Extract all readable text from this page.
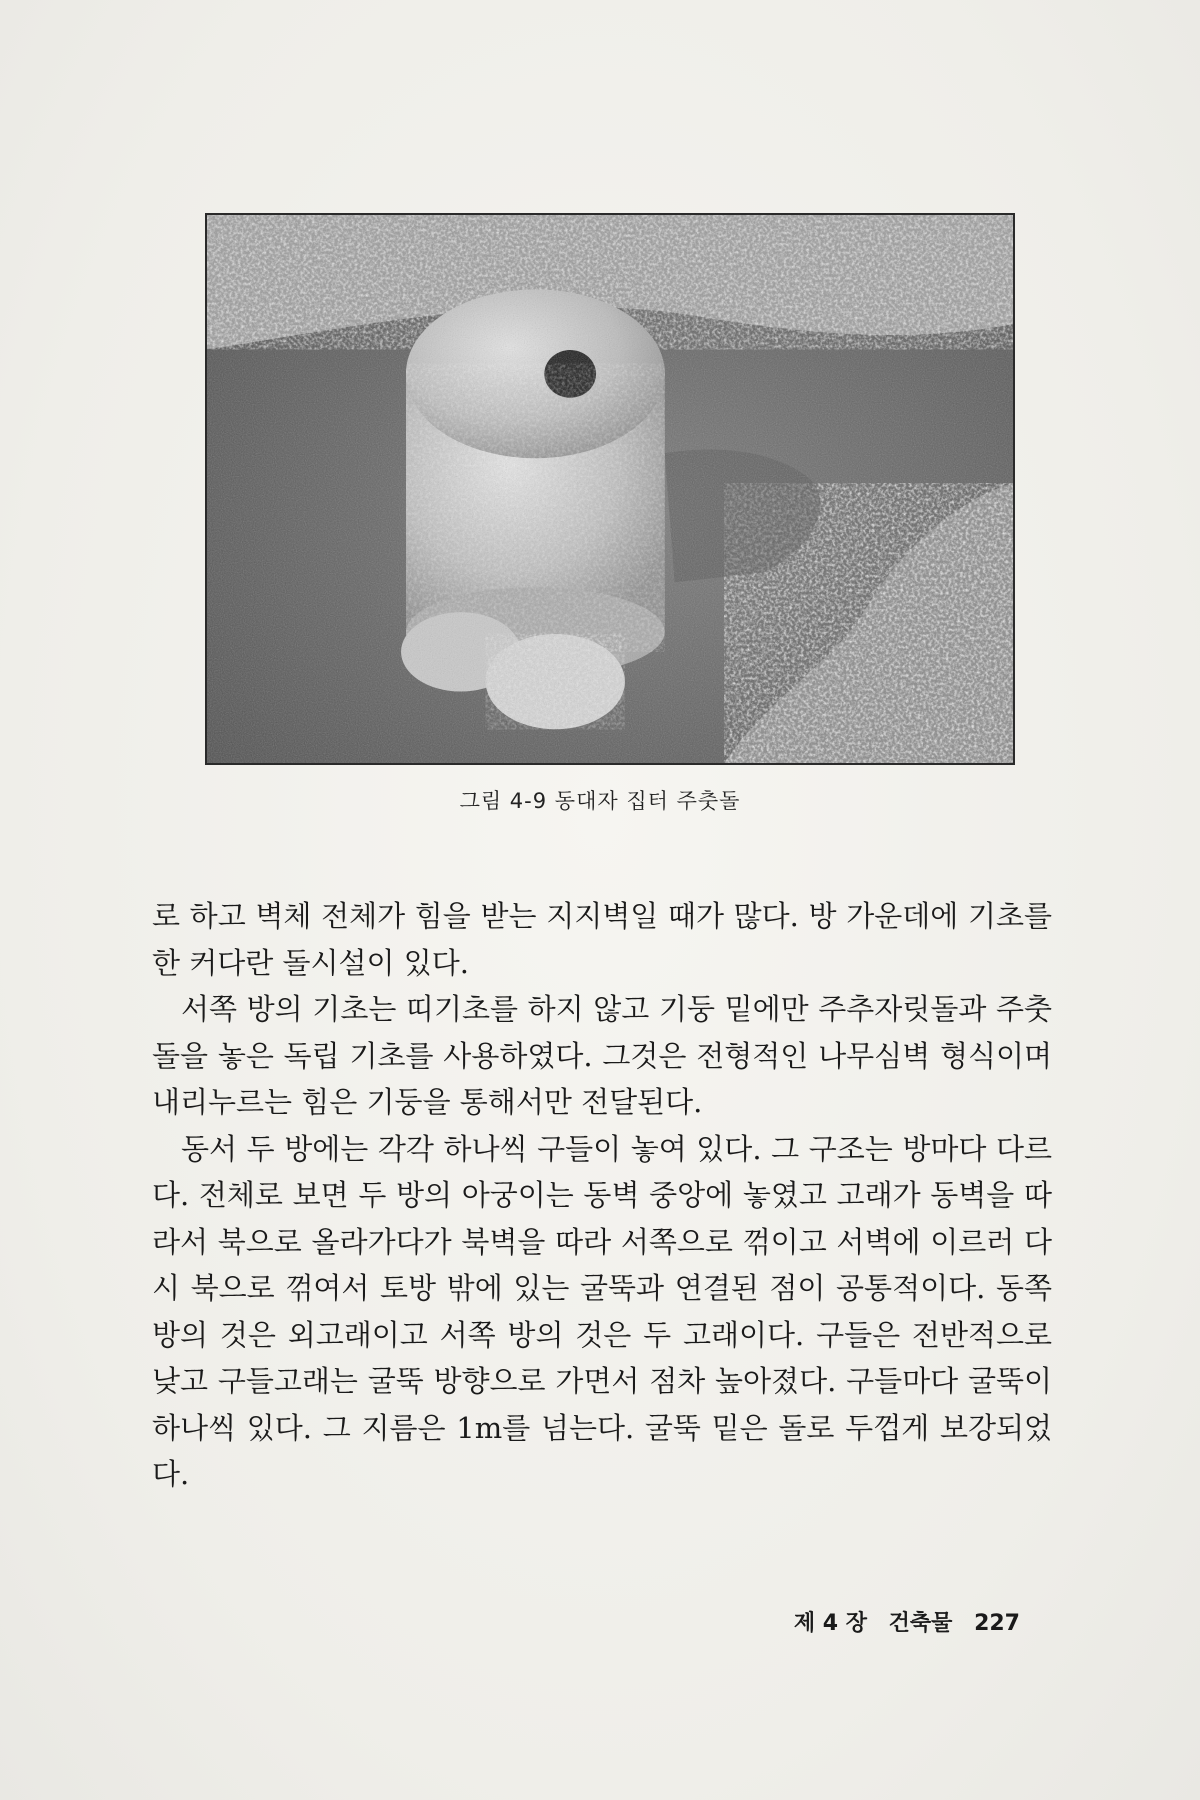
그림 4-9 동대자 집터 주춧돌

로 하고 벽체 전체가 힘을 받는 지지벽일 때가 많다. 방 가운데에 기초를 한 커다란 돌시설이 있다.

서쪽 방의 기초는 띠기초를 하지 않고 기둥 밑에만 주추자릿돌과 주춧돌을 놓은 독립 기초를 사용하였다. 그것은 전형적인 나무심벽 형식이며 내리누르는 힘은 기둥을 통해서만 전달된다.

동서 두 방에는 각각 하나씩 구들이 놓여 있다. 그 구조는 방마다 다르다. 전체로 보면 두 방의 아궁이는 동벽 중앙에 놓였고 고래가 동벽을 따라서 북으로 올라가다가 북벽을 따라 서쪽으로 꺾이고 서벽에 이르러 다시 북으로 꺾여서 토방 밖에 있는 굴뚝과 연결된 점이 공통적이다. 동쪽 방의 것은 외고래이고 서쪽 방의 것은 두 고래이다. 구들은 전반적으로 낮고 구들고래는 굴뚝 방향으로 가면서 점차 높아졌다. 구들마다 굴뚝이 하나씩 있다. 그 지름은 1m를 넘는다. 굴뚝 밑은 돌로 두껍게 보강되었다.

제 4 장 건축물 227
